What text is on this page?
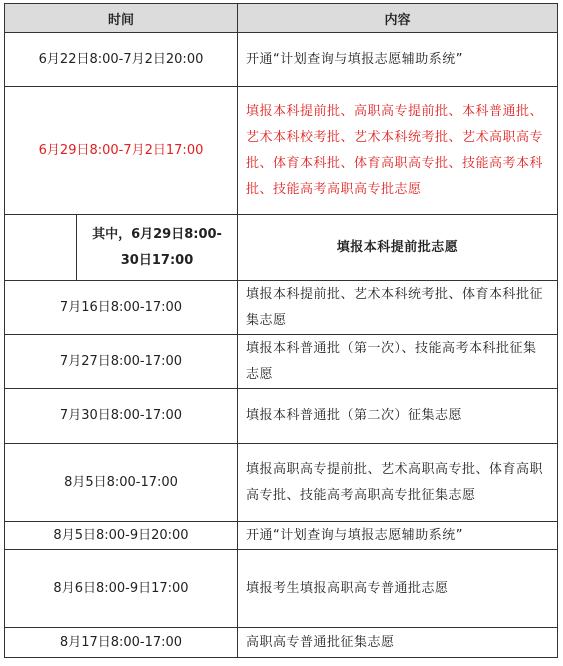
时间		内容
6月22日8:00-7月2日20:00		开通“计划查询与填报志愿辅助系统”
6月29日8:00-7月2日17:00		填报本科提前批、高职高专提前批、本科普通批、艺术本科校考批、艺术本科统考批、艺术高职高专批、体育本科批、体育高职高专批、技能高考本科批、技能高考高职高专批志愿
	其中，6月29日8:00-30日17:00	填报本科提前批志愿
7月16日8:00-17:00		填报本科提前批、艺术本科统考批、体育本科批征集志愿
7月27日8:00-17:00		填报本科普通批（第一次）、技能高考本科批征集志愿
7月30日8:00-17:00		填报本科普通批（第二次）征集志愿
8月5日8:00-17:00		填报高职高专提前批、艺术高职高专批、体育高职高专批、技能高考高职高专批征集志愿
8月5日8:00-9日20:00		开通“计划查询与填报志愿辅助系统”
8月6日8:00-9日17:00		填报考生填报高职高专普通批志愿
8月17日8:00-17:00		高职高专普通批征集志愿
